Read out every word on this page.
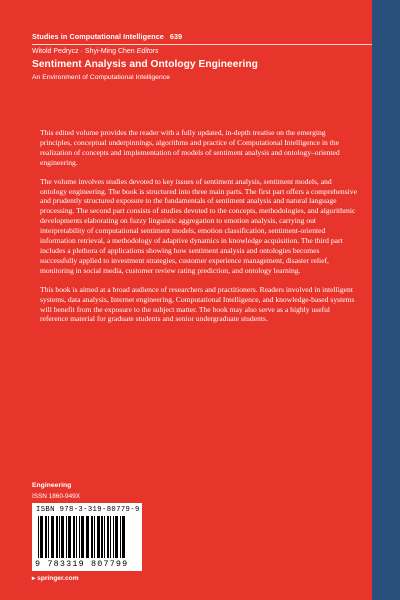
Studies in Computational Intelligence 639
Witold Pedrycz · Shyi-Ming Chen Editors
Sentiment Analysis and Ontology Engineering
An Environment of Computational Intelligence

This edited volume provides the reader with a fully updated, in-depth treatise on the emerging principles, conceptual underpinnings, algorithms and practice of Computational Intelligence in the realization of concepts and implementation of models of sentiment analysis and ontology–oriented engineering.

The volume involves studies devoted to key issues of sentiment analysis, sentiment models, and ontology engineering. The book is structured into three main parts. The first part offers a comprehensive and prudently structured exposure to the fundamentals of sentiment analysis and natural language processing. The second part consists of studies devoted to the concepts, methodologies, and algorithmic developments elaborating on fuzzy linguistic aggregation to emotion analysis, carrying out interpretability of computational sentiment models, emotion classification, sentiment-oriented information retrieval, a methodology of adaptive dynamics in knowledge acquisition. The third part includes a plethora of applications showing how sentiment analysis and ontologies becomes successfully applied to investment strategies, customer experience management, disaster relief, monitoring in social media, customer review rating prediction, and ontology learning.

This book is aimed at a broad audience of researchers and practitioners. Readers involved in intelligent systems, data analysis, Internet engineering, Computational Intelligence, and knowledge-based systems will benefit from the exposure to the subject matter. The book may also serve as a highly useful reference material for graduate students and senior undergraduate students.

Engineering
ISSN 1860-949X
ISBN 978-3-319-80779-9
9 783319 807799
▸ springer.com
